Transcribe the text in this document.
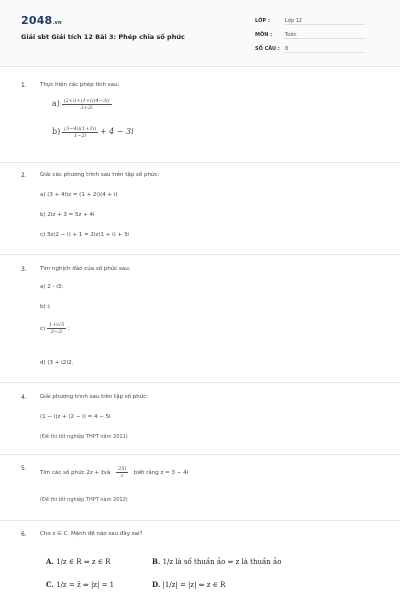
2048.vn
Giải sbt Giải tích 12 Bài 3: Phép chia số phức
LỚP :	Lớp 12
MÔN :	Toán
SỐ CÂU : 8
1. Thực hiện các phép tính sau:
$a) \frac{(2+i)+(1+i)(4-3i)}{3+2i}$
$b) \frac{(3-4i)(1+2i)}{1-2i} + 4 - 3i$
2. Giải các phương trình sau trên tập số phức:
a) (3 + 4i)z = (1 + 2i)(4 + i)
b) 2iz + 3 = 5z + 4i
c) 3z(2 − i) + 1 = 2iz(1 + i) + 3i
3. Tìm nghịch đảo của số phức sau:
a) 2 - i3;
b) i;
$c) \frac{1+i√5}{3-2i}$ ;
d) (3 + i2)2.
4. Giải phương trình sau trên tập số phức:
(1 − i)z + (2 − i) = 4 − 5i
(Đề thi tốt nghiệp THPT năm 2011)
5.
Tìm các số phức 2z + z̄và $\frac{25i}{z}$ biết rằng z = 3 − 4i
(Đề thi tốt nghiệp THPT năm 2012)
6. Cho z ∈ C. Mệnh đề nào sau đây sai?
A. 1/z ∈ R ⇔ z ∈ R	B. 1/z là số thuần ảo ⇔ z là thuần ảo
C. 1/z = z̄ ⇔ |z| = 1	D. |1/z| = |z| ⇔ z ∈ R
